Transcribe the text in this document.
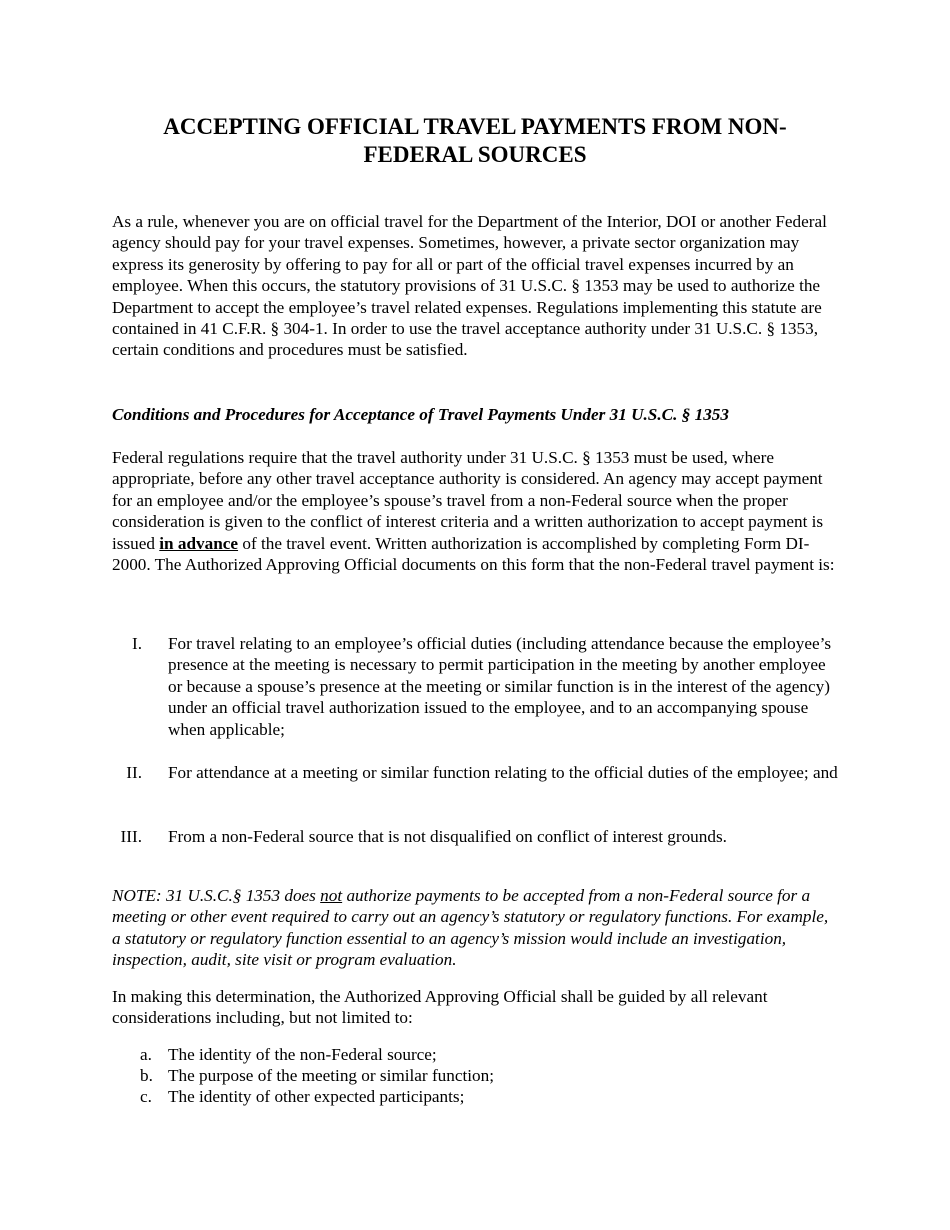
ACCEPTING OFFICIAL TRAVEL PAYMENTS FROM NON-FEDERAL SOURCES

As a rule, whenever you are on official travel for the Department of the Interior, DOI or another Federal agency should pay for your travel expenses. Sometimes, however, a private sector organization may express its generosity by offering to pay for all or part of the official travel expenses incurred by an employee. When this occurs, the statutory provisions of 31 U.S.C. § 1353 may be used to authorize the Department to accept the employee’s travel related expenses. Regulations implementing this statute are contained in 41 C.F.R. § 304-1. In order to use the travel acceptance authority under 31 U.S.C. § 1353, certain conditions and procedures must be satisfied.

Conditions and Procedures for Acceptance of Travel Payments Under 31 U.S.C. § 1353

Federal regulations require that the travel authority under 31 U.S.C. § 1353 must be used, where appropriate, before any other travel acceptance authority is considered. An agency may accept payment for an employee and/or the employee’s spouse’s travel from a non-Federal source when the proper consideration is given to the conflict of interest criteria and a written authorization to accept payment is issued in advance of the travel event. Written authorization is accomplished by completing Form DI-2000. The Authorized Approving Official documents on this form that the non-Federal travel payment is:

I. For travel relating to an employee’s official duties (including attendance because the employee’s presence at the meeting is necessary to permit participation in the meeting by another employee or because a spouse’s presence at the meeting or similar function is in the interest of the agency) under an official travel authorization issued to the employee, and to an accompanying spouse when applicable;
II. For attendance at a meeting or similar function relating to the official duties of the employee; and
III. From a non-Federal source that is not disqualified on conflict of interest grounds.

NOTE: 31 U.S.C.§ 1353 does not authorize payments to be accepted from a non-Federal source for a meeting or other event required to carry out an agency’s statutory or regulatory functions. For example, a statutory or regulatory function essential to an agency’s mission would include an investigation, inspection, audit, site visit or program evaluation.

In making this determination, the Authorized Approving Official shall be guided by all relevant considerations including, but not limited to:

a. The identity of the non-Federal source;
b. The purpose of the meeting or similar function;
c. The identity of other expected participants;
